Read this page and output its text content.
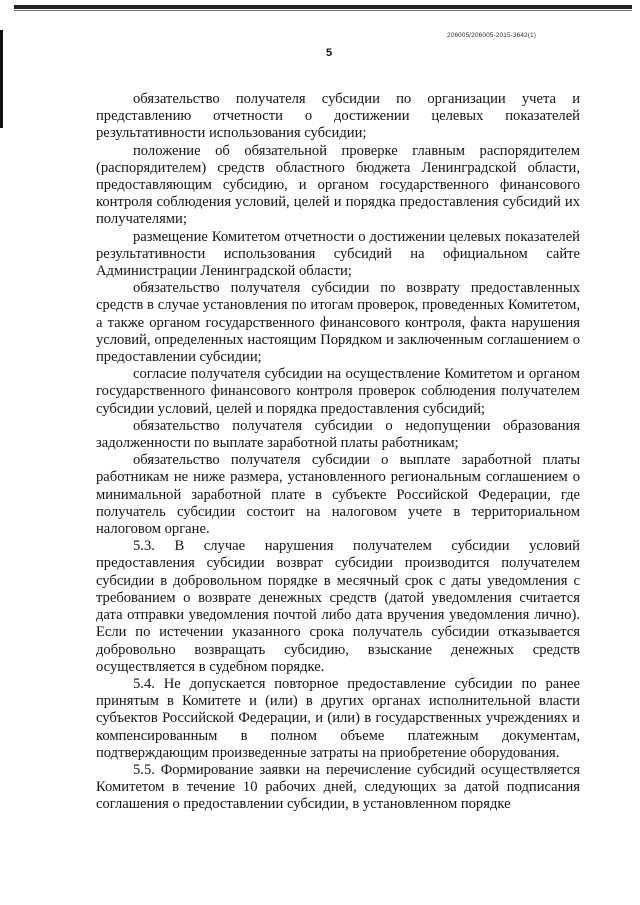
206005/206005-2015-3642(1)
5

обязательство получателя субсидии по организации учета и представлению отчетности о достижении целевых показателей результативности использования субсидии;

положение об обязательной проверке главным распорядителем (распорядителем) средств областного бюджета Ленинградской области, предоставляющим субсидию, и органом государственного финансового контроля соблюдения условий, целей и порядка предоставления субсидий их получателями;

размещение Комитетом отчетности о достижении целевых показателей результативности использования субсидий на официальном сайте Администрации Ленинградской области;

обязательство получателя субсидии по возврату предоставленных средств в случае установления по итогам проверок, проведенных Комитетом, а также органом государственного финансового контроля, факта нарушения условий, определенных настоящим Порядком и заключенным соглашением о предоставлении субсидии;

согласие получателя субсидии на осуществление Комитетом и органом государственного финансового контроля проверок соблюдения получателем субсидии условий, целей и порядка предоставления субсидий;

обязательство получателя субсидии о недопущении образования задолженности по выплате заработной платы работникам;

обязательство получателя субсидии о выплате заработной платы работникам не ниже размера, установленного региональным соглашением о минимальной заработной плате в субъекте Российской Федерации, где получатель субсидии состоит на налоговом учете в территориальном налоговом органе.

5.3. В случае нарушения получателем субсидии условий предоставления субсидии возврат субсидии производится получателем субсидии в добровольном порядке в месячный срок с даты уведомления с требованием о возврате денежных средств (датой уведомления считается дата отправки уведомления почтой либо дата вручения уведомления лично). Если по истечении указанного срока получатель субсидии отказывается добровольно возвращать субсидию, взыскание денежных средств осуществляется в судебном порядке.

5.4. Не допускается повторное предоставление субсидии по ранее принятым в Комитете и (или) в других органах исполнительной власти субъектов Российской Федерации, и (или) в государственных учреждениях и компенсированным в полном объеме платежным документам, подтверждающим произведенные затраты на приобретение оборудования.

5.5. Формирование заявки на перечисление субсидий осуществляется Комитетом в течение 10 рабочих дней, следующих за датой подписания соглашения о предоставлении субсидии, в установленном порядке
